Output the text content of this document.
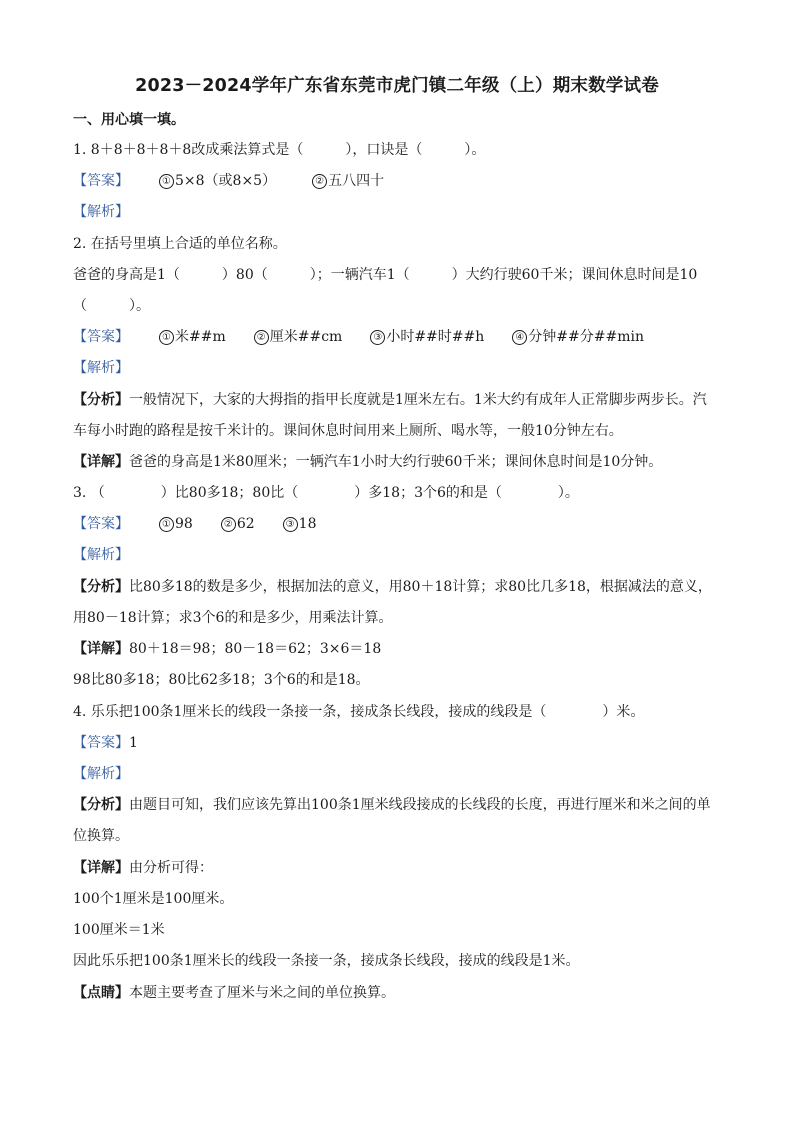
2023－2024学年广东省东莞市虎门镇二年级（上）期末数学试卷
一、用心填一填。
1. 8＋8＋8＋8＋8改成乘法算式是（　　　），口诀是（　　　）。
【答案】	① 5×8（或8×5）	② 五八四十
【解析】
2. 在括号里填上合适的单位名称。
爸爸的身高是1（　　　）80（　　　）；一辆汽车1（　　　）大约行驶60千米；课间休息时间是10
（　　　）。
【答案】	① 米##m	② 厘米##cm	③ 小时##时##h	④ 分钟##分##min
【解析】
【分析】一般情况下，大家的大拇指的指甲长度就是1厘米左右。1米大约有成年人正常脚步两步长。汽
车每小时跑的路程是按千米计的。课间休息时间用来上厕所、喝水等，一般10分钟左右。
【详解】爸爸的身高是1米80厘米；一辆汽车1小时大约行驶60千米；课间休息时间是10分钟。
3. （　　　　）比80多18；80比（　　　　）多18；3个6的和是（　　　　）。
【答案】	① 98	② 62	③ 18
【解析】
【分析】比80多18的数是多少，根据加法的意义，用80＋18计算；求80比几多18，根据减法的意义，
用80－18计算；求3个6的和是多少，用乘法计算。
【详解】80＋18＝98；80－18＝62；3×6＝18
98比80多18；80比62多18；3个6的和是18。
4. 乐乐把100条1厘米长的线段一条接一条，接成条长线段，接成的线段是（　　　　）米。
【答案】1
【解析】
【分析】由题目可知，我们应该先算出100条1厘米线段接成的长线段的长度，再进行厘米和米之间的单
位换算。
【详解】由分析可得：
100个1厘米是100厘米。
100厘米＝1米
因此乐乐把100条1厘米长的线段一条接一条，接成条长线段，接成的线段是1米。
【点睛】本题主要考查了厘米与米之间的单位换算。
